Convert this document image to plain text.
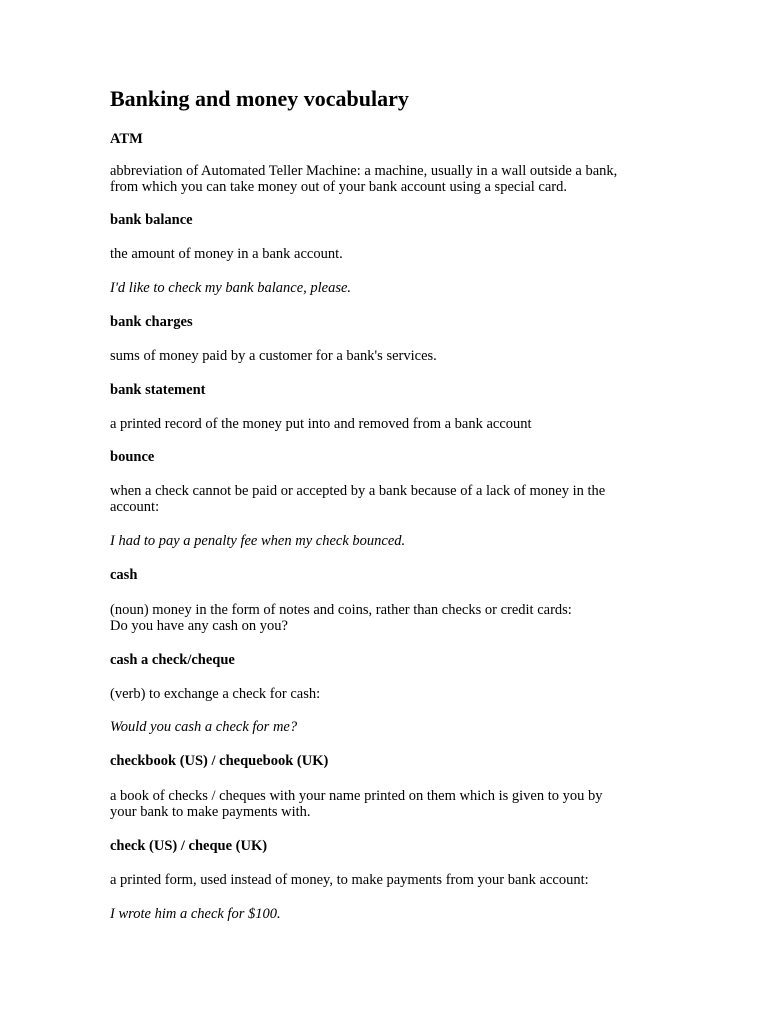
Banking and money vocabulary

ATM

abbreviation of Automated Teller Machine: a machine, usually in a wall outside a bank,
from which you can take money out of your bank account using a special card.

bank balance

the amount of money in a bank account.

I'd like to check my bank balance, please.

bank charges

sums of money paid by a customer for a bank's services.

bank statement

a printed record of the money put into and removed from a bank account

bounce

when a check cannot be paid or accepted by a bank because of a lack of money in the
account:

I had to pay a penalty fee when my check bounced.

cash

(noun) money in the form of notes and coins, rather than checks or credit cards:
Do you have any cash on you?

cash a check/cheque

(verb) to exchange a check for cash:

Would you cash a check for me?

checkbook (US) / chequebook (UK)

a book of checks / cheques with your name printed on them which is given to you by
your bank to make payments with.

check (US) / cheque (UK)

a printed form, used instead of money, to make payments from your bank account:

I wrote him a check for $100.
